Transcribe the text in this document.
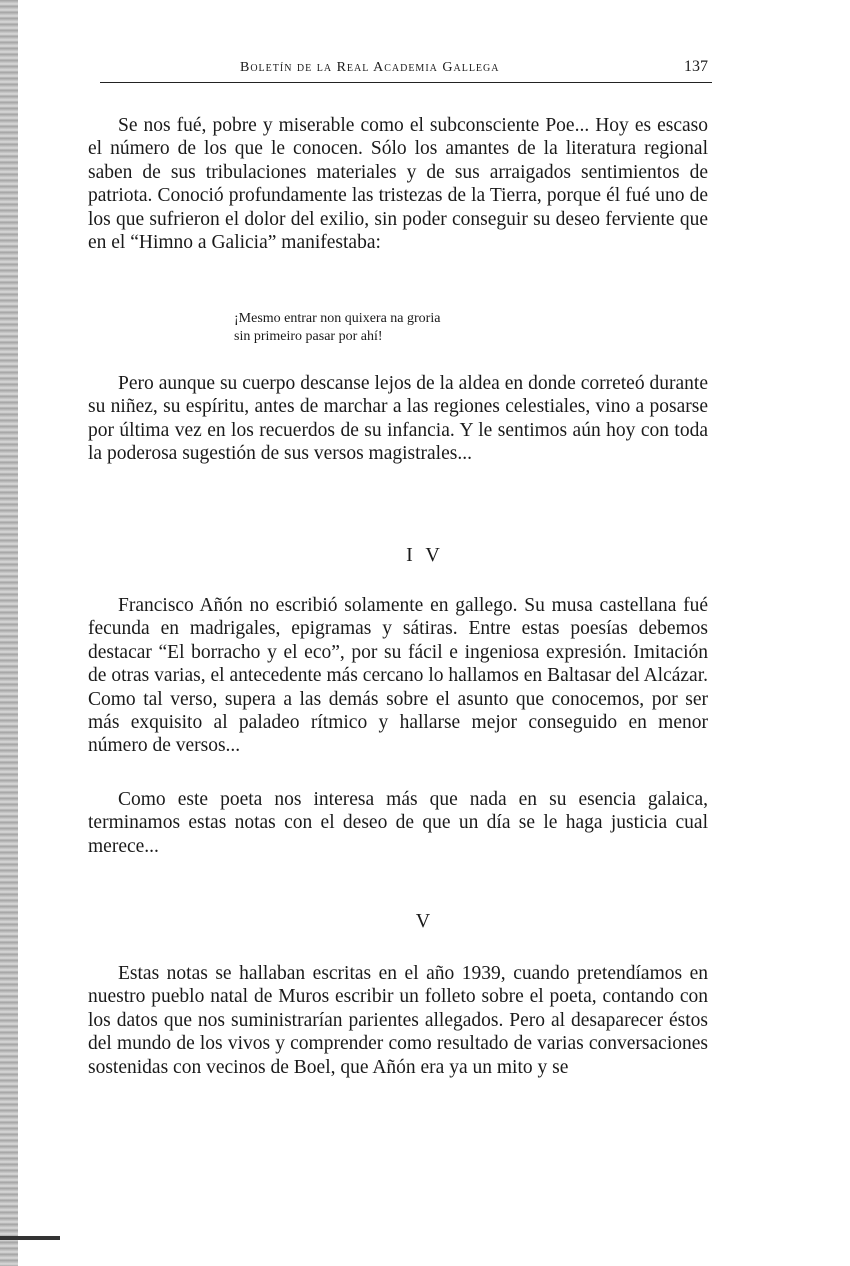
Boletín de la Real Academia Gallega	137

Se nos fué, pobre y miserable como el subconsciente Poe... Hoy es escaso el número de los que le conocen. Sólo los amantes de la literatura regional saben de sus tribulaciones materiales y de sus arraigados sentimientos de patriota. Conoció profundamente las tristezas de la Tierra, porque él fué uno de los que sufrieron el dolor del exilio, sin poder conseguir su deseo ferviente que en el “Himno a Galicia” manifestaba:

¡Mesmo entrar non quixera na groria
sin primeiro pasar por ahí!

Pero aunque su cuerpo descanse lejos de la aldea en donde correteó durante su niñez, su espíritu, antes de marchar a las regiones celestiales, vino a posarse por última vez en los recuerdos de su infancia. Y le sentimos aún hoy con toda la poderosa sugestión de sus versos magistrales...

I V

Francisco Añón no escribió solamente en gallego. Su musa castellana fué fecunda en madrigales, epigramas y sátiras. Entre estas poesías debemos destacar “El borracho y el eco”, por su fácil e ingeniosa expresión. Imitación de otras varias, el antecedente más cercano lo hallamos en Baltasar del Alcázar. Como tal verso, supera a las demás sobre el asunto que conocemos, por ser más exquisito al paladeo rítmico y hallarse mejor conseguido en menor número de versos...

Como este poeta nos interesa más que nada en su esencia galaica, terminamos estas notas con el deseo de que un día se le haga justicia cual merece...

V

Estas notas se hallaban escritas en el año 1939, cuando pretendíamos en nuestro pueblo natal de Muros escribir un folleto sobre el poeta, contando con los datos que nos suministrarían parientes allegados. Pero al desaparecer éstos del mundo de los vivos y comprender como resultado de varias conversaciones sostenidas con vecinos de Boel, que Añón era ya un mito y se
